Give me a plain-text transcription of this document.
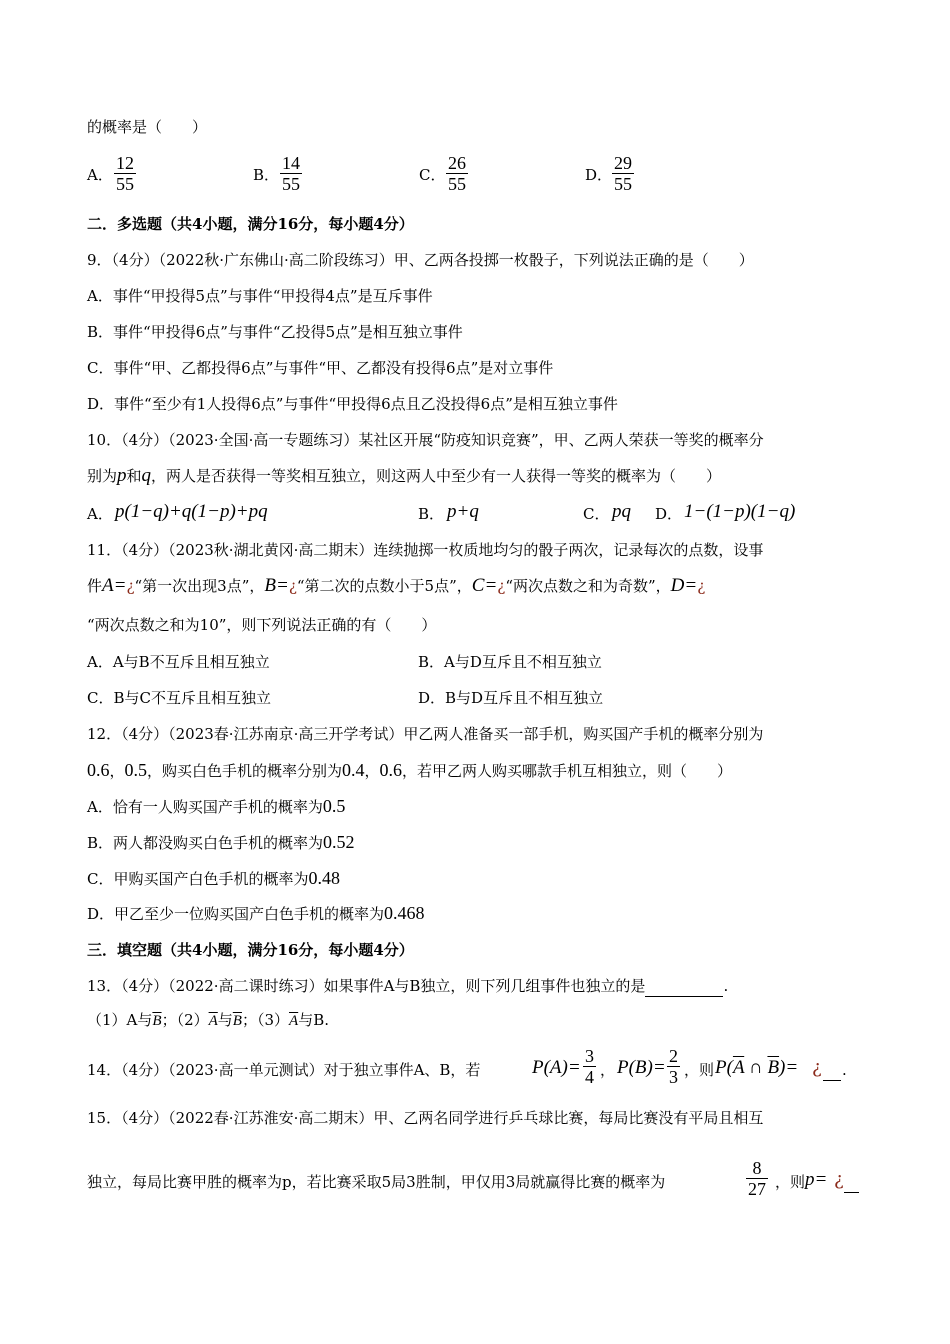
的概率是（　　）
A． $\frac{12}{55}$	B． $\frac{14}{55}$	C． $\frac{26}{55}$	D． $\frac{29}{55}$
二．多选题（共4小题，满分16分，每小题4分）
9．（4分）（2022秋·广东佛山·高二阶段练习）甲、乙两各投掷一枚骰子，下列说法正确的是（　　）
A．事件“甲投得5点”与事件“甲投得4点”是互斥事件
B．事件“甲投得6点”与事件“乙投得5点”是相互独立事件
C．事件“甲、乙都投得6点”与事件“甲、乙都没有投得6点”是对立事件
D．事件“至少有1人投得6点”与事件“甲投得6点且乙没投得6点”是相互独立事件
10．（4分）（2023·全国·高一专题练习）某社区开展“防疫知识竞赛”，甲、乙两人荣获一等奖的概率分
别为p和q，两人是否获得一等奖相互独立，则这两人中至少有一人获得一等奖的概率为（　　）
A． p(1−q)+q(1−p)+pq	B． p+q	C． pq D． 1−(1−p)(1−q)
11．（4分）（2023秋·湖北黄冈·高二期末）连续抛掷一枚质地均匀的骰子两次，记录每次的点数，设事
件A=¿“第一次出现3点”，B=¿“第二次的点数小于5点”，C=¿“两次点数之和为奇数”，D=¿
“两次点数之和为10”，则下列说法正确的有（　　）
A．A与B不互斥且相互独立	B．A与D互斥且不相互独立
C．B与C不互斥且相互独立	D．B与D互斥且不相互独立
12．（4分）（2023春·江苏南京·高三开学考试）甲乙两人准备买一部手机，购买国产手机的概率分别为
0.6，0.5，购买白色手机的概率分别为0.4，0.6，若甲乙两人购买哪款手机互相独立，则（　　）
A．恰有一人购买国产手机的概率为0.5
B．两人都没购买白色手机的概率为0.52
C．甲购买国产白色手机的概率为0.48
D．甲乙至少一位购买国产白色手机的概率为0.468
三．填空题（共4小题，满分16分，每小题4分）
13．（4分）（2022·高二课时练习）如果事件A与B独立，则下列几组事件也独立的是	.
（1）A与$\overline{B}$；$(2)\overline{A}$与$\overline{B}$；$(3)\overline{A}$与B.
14．（4分）（2023·高一单元测试）对于独立事件A、B，若	$P(A)= \frac{3}{4}$ ， $P(B)= \frac{2}{3}$ ，则 $P(\overline{A}$ ∩ $\overline{B})=$ ¿
.
15．（4分）（2022春·江苏淮安·高二期末）甲、乙两名同学进行乒乓球比赛，每局比赛没有平局且相互
独立，每局比赛甲胜的概率为p，若比赛采取5局3胜制，甲仅用3局就赢得比赛的概率为	$\frac{8}{27}$ ，则 p= ¿
